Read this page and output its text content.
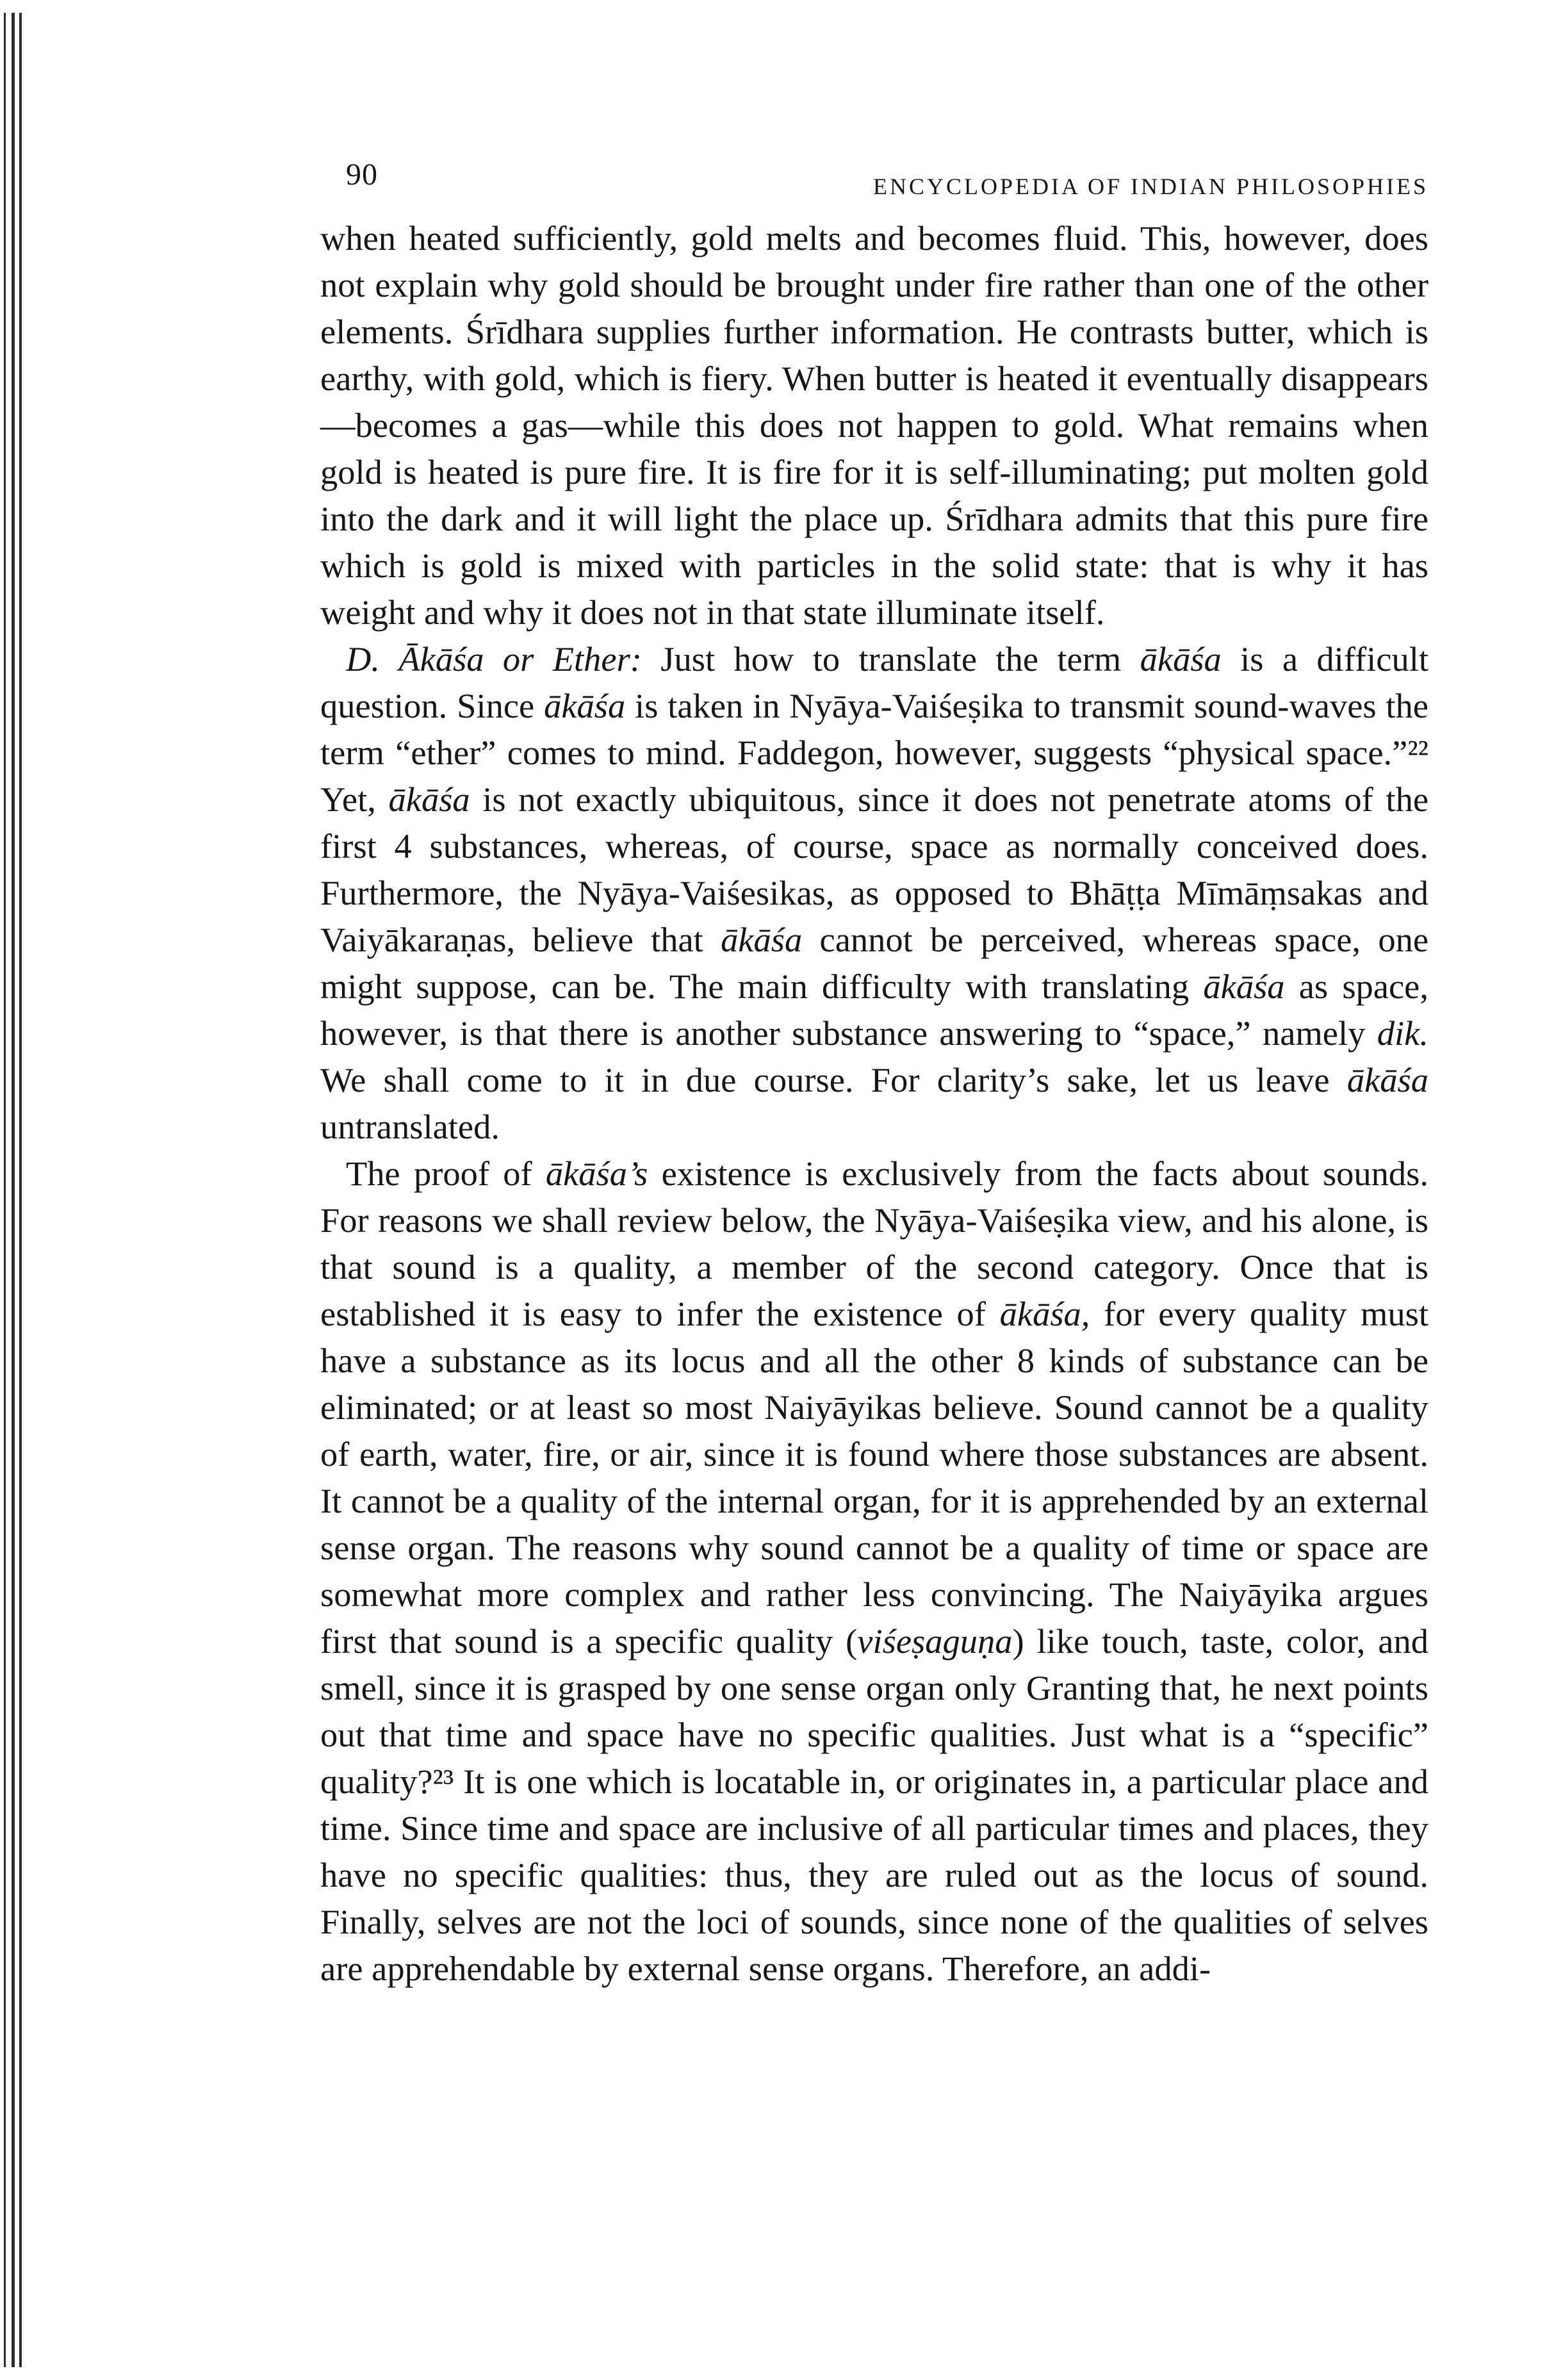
90	ENCYCLOPEDIA OF INDIAN PHILOSOPHIES

when heated sufficiently, gold melts and becomes fluid. This, however, does not explain why gold should be brought under fire rather than one of the other elements. Śrīdhara supplies further information. He contrasts butter, which is earthy, with gold, which is fiery. When butter is heated it eventually disappears—becomes a gas—while this does not happen to gold. What remains when gold is heated is pure fire. It is fire for it is self-illuminating; put molten gold into the dark and it will light the place up. Śrīdhara admits that this pure fire which is gold is mixed with particles in the solid state: that is why it has weight and why it does not in that state illuminate itself.

D. Ākāśa or Ether: Just how to translate the term ākāśa is a difficult question. Since ākāśa is taken in Nyāya-Vaiśeṣika to transmit sound-waves the term “ether” comes to mind. Faddegon, however, suggests “physical space.”²² Yet, ākāśa is not exactly ubiquitous, since it does not penetrate atoms of the first 4 substances, whereas, of course, space as normally conceived does. Furthermore, the Nyāya-Vaiśesikas, as opposed to Bhāṭṭa Mīmāṃsakas and Vaiyākaraṇas, believe that ākāśa cannot be perceived, whereas space, one might suppose, can be. The main difficulty with translating ākāśa as space, however, is that there is another substance answering to “space,” namely dik. We shall come to it in due course. For clarity’s sake, let us leave ākāśa untranslated.

The proof of ākāśa’s existence is exclusively from the facts about sounds. For reasons we shall review below, the Nyāya-Vaiśeṣika view, and his alone, is that sound is a quality, a member of the second category. Once that is established it is easy to infer the existence of ākāśa, for every quality must have a substance as its locus and all the other 8 kinds of substance can be eliminated; or at least so most Naiyāyikas believe. Sound cannot be a quality of earth, water, fire, or air, since it is found where those substances are absent. It cannot be a quality of the internal organ, for it is apprehended by an external sense organ. The reasons why sound cannot be a quality of time or space are somewhat more complex and rather less convincing. The Naiyāyika argues first that sound is a specific quality (viśeṣaguṇa) like touch, taste, color, and smell, since it is grasped by one sense organ only Granting that, he next points out that time and space have no specific qualities. Just what is a “specific” quality?²³ It is one which is locatable in, or originates in, a particular place and time. Since time and space are inclusive of all particular times and places, they have no specific qualities: thus, they are ruled out as the locus of sound. Finally, selves are not the loci of sounds, since none of the qualities of selves are apprehendable by external sense organs. Therefore, an addi-
